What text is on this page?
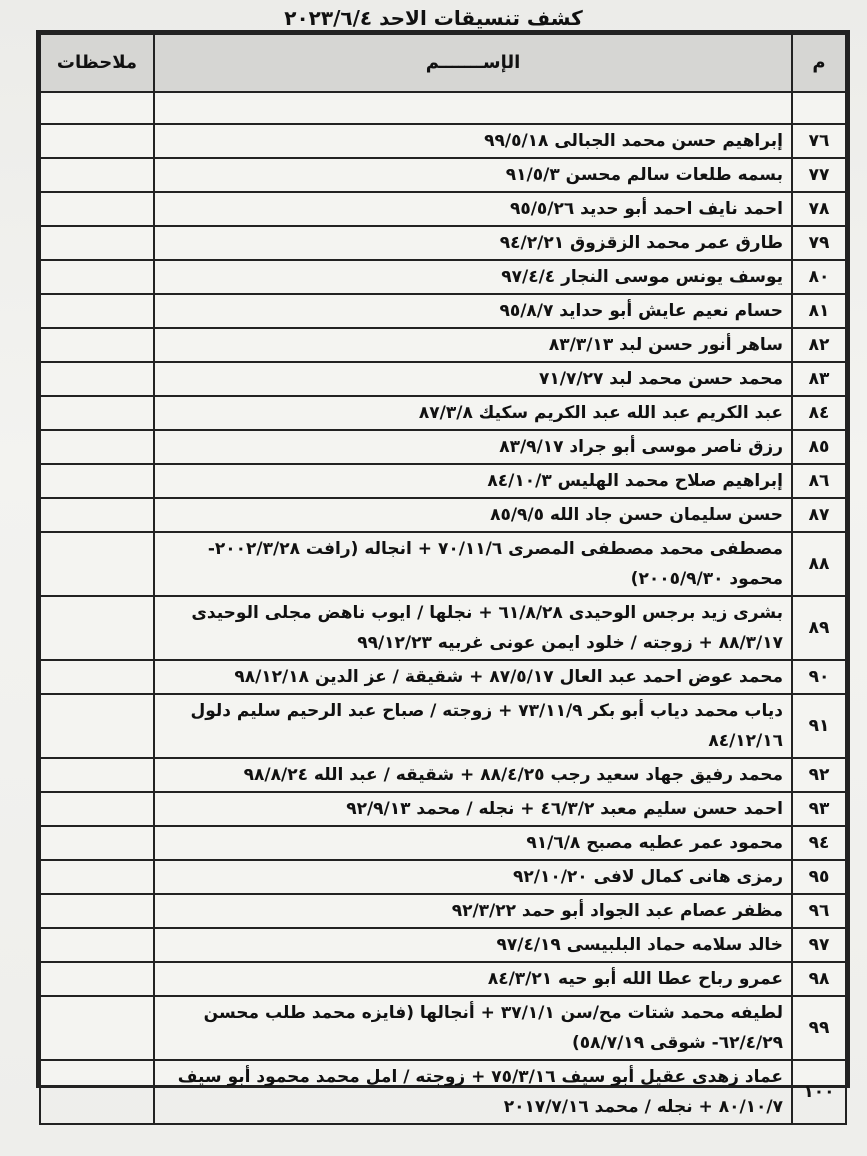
كشف تنسيقات الاحد ٢٠٢٣/٦/٤
م	الإســـــــم	ملاحظات

٧٦	إبراهيم حسن محمد الجبالى ٩٩/٥/١٨	
٧٧	بسمه طلعات سالم محسن ٩١/٥/٣	
٧٨	احمد نايف احمد أبو حديد ٩٥/٥/٢٦	
٧٩	طارق عمر محمد الزقزوق ٩٤/٢/٢١	
٨٠	يوسف يونس موسى النجار ٩٧/٤/٤	
٨١	حسام نعيم عايش أبو حدايد ٩٥/٨/٧	
٨٢	ساهر أنور حسن لبد ٨٣/٣/١٣	
٨٣	محمد حسن محمد لبد ٧١/٧/٢٧	
٨٤	عبد الكريم عبد الله عبد الكريم سكيك ٨٧/٣/٨	
٨٥	رزق ناصر موسى أبو جراد ٨٣/٩/١٧	
٨٦	إبراهيم صلاح محمد الهليس ٨٤/١٠/٣	
٨٧	حسن سليمان حسن جاد الله ٨٥/٩/٥	
٨٨	مصطفى محمد مصطفى المصرى ٧٠/١١/٦ + انجاله (رافت ٢٠٠٢/٣/٢٨- محمود ٢٠٠٥/٩/٣٠)	
٨٩	بشرى زيد برجس الوحيدى ٦١/٨/٢٨ + نجلها / ايوب ناهض مجلى الوحيدى ٨٨/٣/١٧ + زوجته / خلود ايمن عونى غربيه ٩٩/١٢/٢٣	
٩٠	محمد عوض احمد عبد العال ٨٧/٥/١٧ + شقيقة / عز الدين ٩٨/١٢/١٨	
٩١	دياب محمد دياب أبو بكر ٧٣/١١/٩ + زوجته / صباح عبد الرحيم سليم دلول ٨٤/١٢/١٦	
٩٢	محمد رفيق جهاد سعيد رجب ٨٨/٤/٢٥ + شقيقه / عبد الله ٩٨/٨/٢٤	
٩٣	احمد حسن سليم معبد ٤٦/٣/٢ + نجله / محمد ٩٢/٩/١٣	
٩٤	محمود عمر عطيه مصبح ٩١/٦/٨	
٩٥	رمزى هانى كمال لافى ٩٢/١٠/٢٠	
٩٦	مظفر عصام عبد الجواد أبو حمد ٩٢/٣/٢٢	
٩٧	خالد سلامه حماد البلبيسى ٩٧/٤/١٩	
٩٨	عمرو رباح عطا الله أبو حيه ٨٤/٣/٢١	
٩٩	لطيفه محمد شتات مح/سن ٣٧/١/١ + أنجالها (فايزه محمد طلب محسن ٦٢/٤/٢٩- شوقى ٥٨/٧/١٩)	
١٠٠	عماد زهدى عقيل أبو سيف ٧٥/٣/١٦ + زوجته / امل محمد محمود أبو سيف ٨٠/١٠/٧ + نجله / محمد ٢٠١٧/٧/١٦	
